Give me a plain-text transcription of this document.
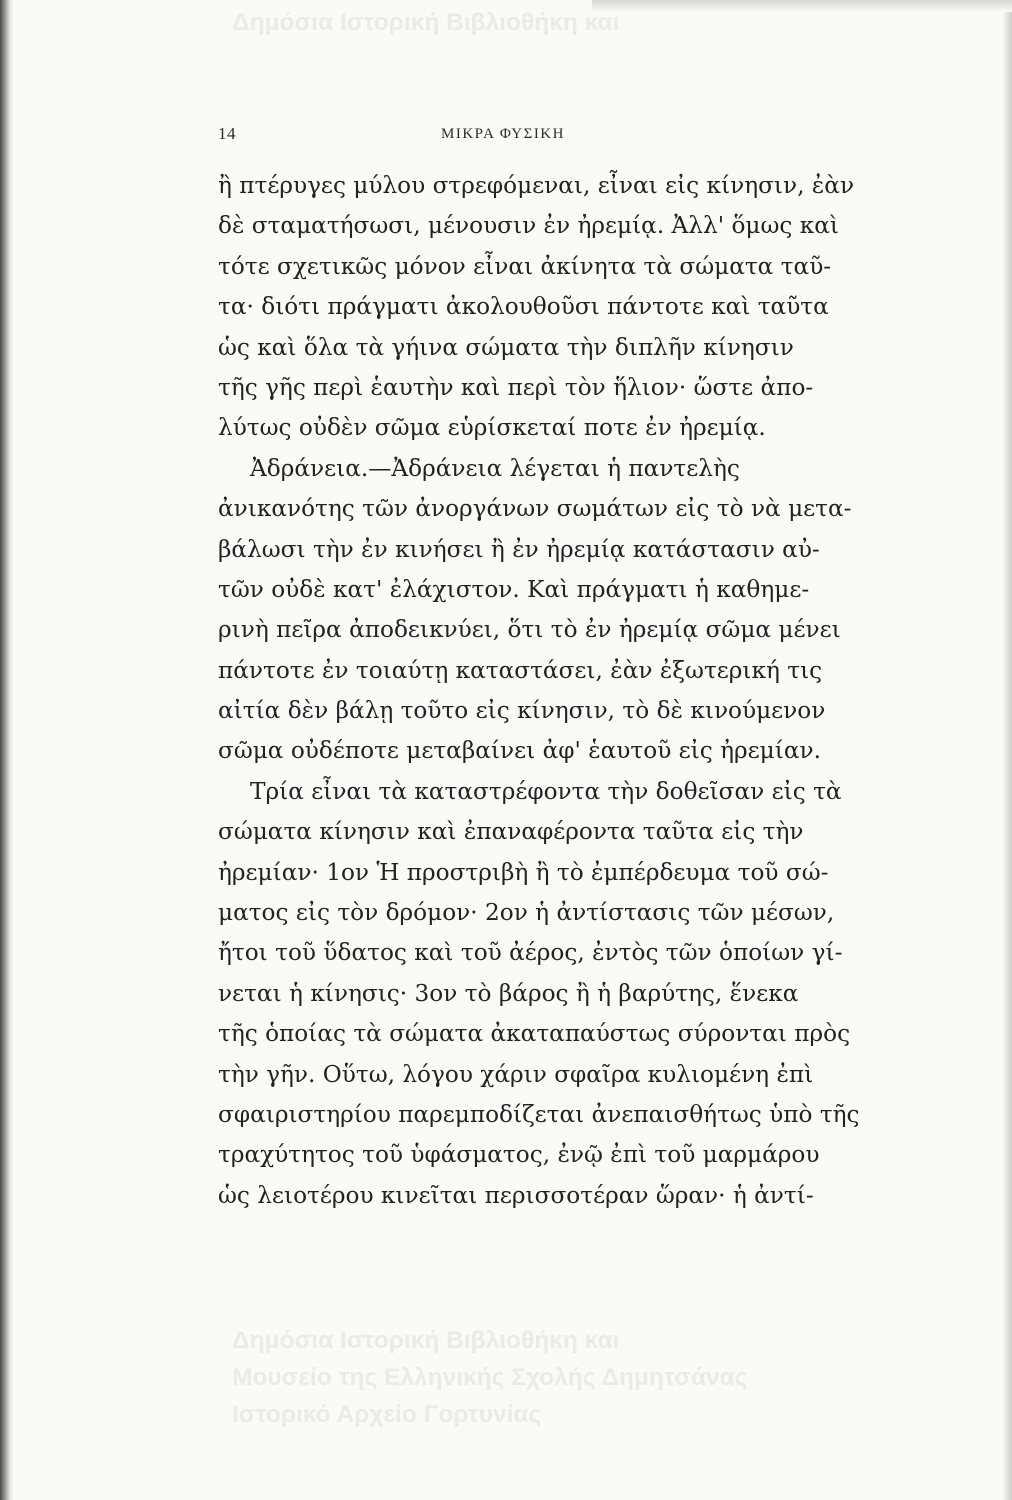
Δημόσια Ιστορική Βιβλιοθήκη και
14	ΜΙΚΡΑ ΦΥΣΙΚΗ
ἢ πτέρυγες μύλου στρεφόμεναι, εἶναι εἰς κίνησιν, ἐὰν
δὲ σταματήσωσι, μένουσιν ἐν ἠρεμίᾳ. Ἀλλ' ὅμως καὶ
τότε σχετικῶς μόνον εἶναι ἀκίνητα τὰ σώματα ταῦ-
τα· διότι πράγματι ἀκολουθοῦσι πάντοτε καὶ ταῦτα
ὡς καὶ ὅλα τὰ γήινα σώματα τὴν διπλῆν κίνησιν
τῆς γῆς περὶ ἑαυτὴν καὶ περὶ τὸν ἥλιον· ὥστε ἀπο-
λύτως οὐδὲν σῶμα εὑρίσκεταί ποτε ἐν ἠρεμίᾳ.
Ἀδράνεια.—Ἀδράνεια λέγεται ἡ παντελὴς
ἀνικανότης τῶν ἀνοργάνων σωμάτων εἰς τὸ νὰ μετα-
βάλωσι τὴν ἐν κινήσει ἢ ἐν ἠρεμίᾳ κατάστασιν αὐ-
τῶν οὐδὲ κατ' ἐλάχιστον. Καὶ πράγματι ἡ καθημε-
ρινὴ πεῖρα ἀποδεικνύει, ὅτι τὸ ἐν ἠρεμίᾳ σῶμα μένει
πάντοτε ἐν τοιαύτῃ καταστάσει, ἐὰν ἐξωτερική τις
αἰτία δὲν βάλῃ τοῦτο εἰς κίνησιν, τὸ δὲ κινούμενον
σῶμα οὐδέποτε μεταβαίνει ἀφ' ἑαυτοῦ εἰς ἠρεμίαν.
Τρία εἶναι τὰ καταστρέφοντα τὴν δοθεῖσαν εἰς τὰ
σώματα κίνησιν καὶ ἐπαναφέροντα ταῦτα εἰς τὴν
ἠρεμίαν· 1ον Ἡ προστριβὴ ἢ τὸ ἐμπέρδευμα τοῦ σώ-
ματος εἰς τὸν δρόμον· 2ον ἡ ἀντίστασις τῶν μέσων,
ἤτοι τοῦ ὕδατος καὶ τοῦ ἀέρος, ἐντὸς τῶν ὁποίων γί-
νεται ἡ κίνησις· 3ον τὸ βάρος ἢ ἡ βαρύτης, ἕνεκα
τῆς ὁποίας τὰ σώματα ἀκαταπαύστως σύρονται πρὸς
τὴν γῆν. Οὕτω, λόγου χάριν σφαῖρα κυλιομένη ἐπὶ
σφαιριστηρίου παρεμποδίζεται ἀνεπαισθήτως ὑπὸ τῆς
τραχύτητος τοῦ ὑφάσματος, ἐνῷ ἐπὶ τοῦ μαρμάρου
ὡς λειοτέρου κινεῖται περισσοτέραν ὥραν· ἡ ἀντί-
Δημόσια Ιστορική Βιβλιοθήκη και
Μουσείο της Ελληνικής Σχολής Δημητσάνας
Ιστορικό Αρχείο Γορτυνίας
